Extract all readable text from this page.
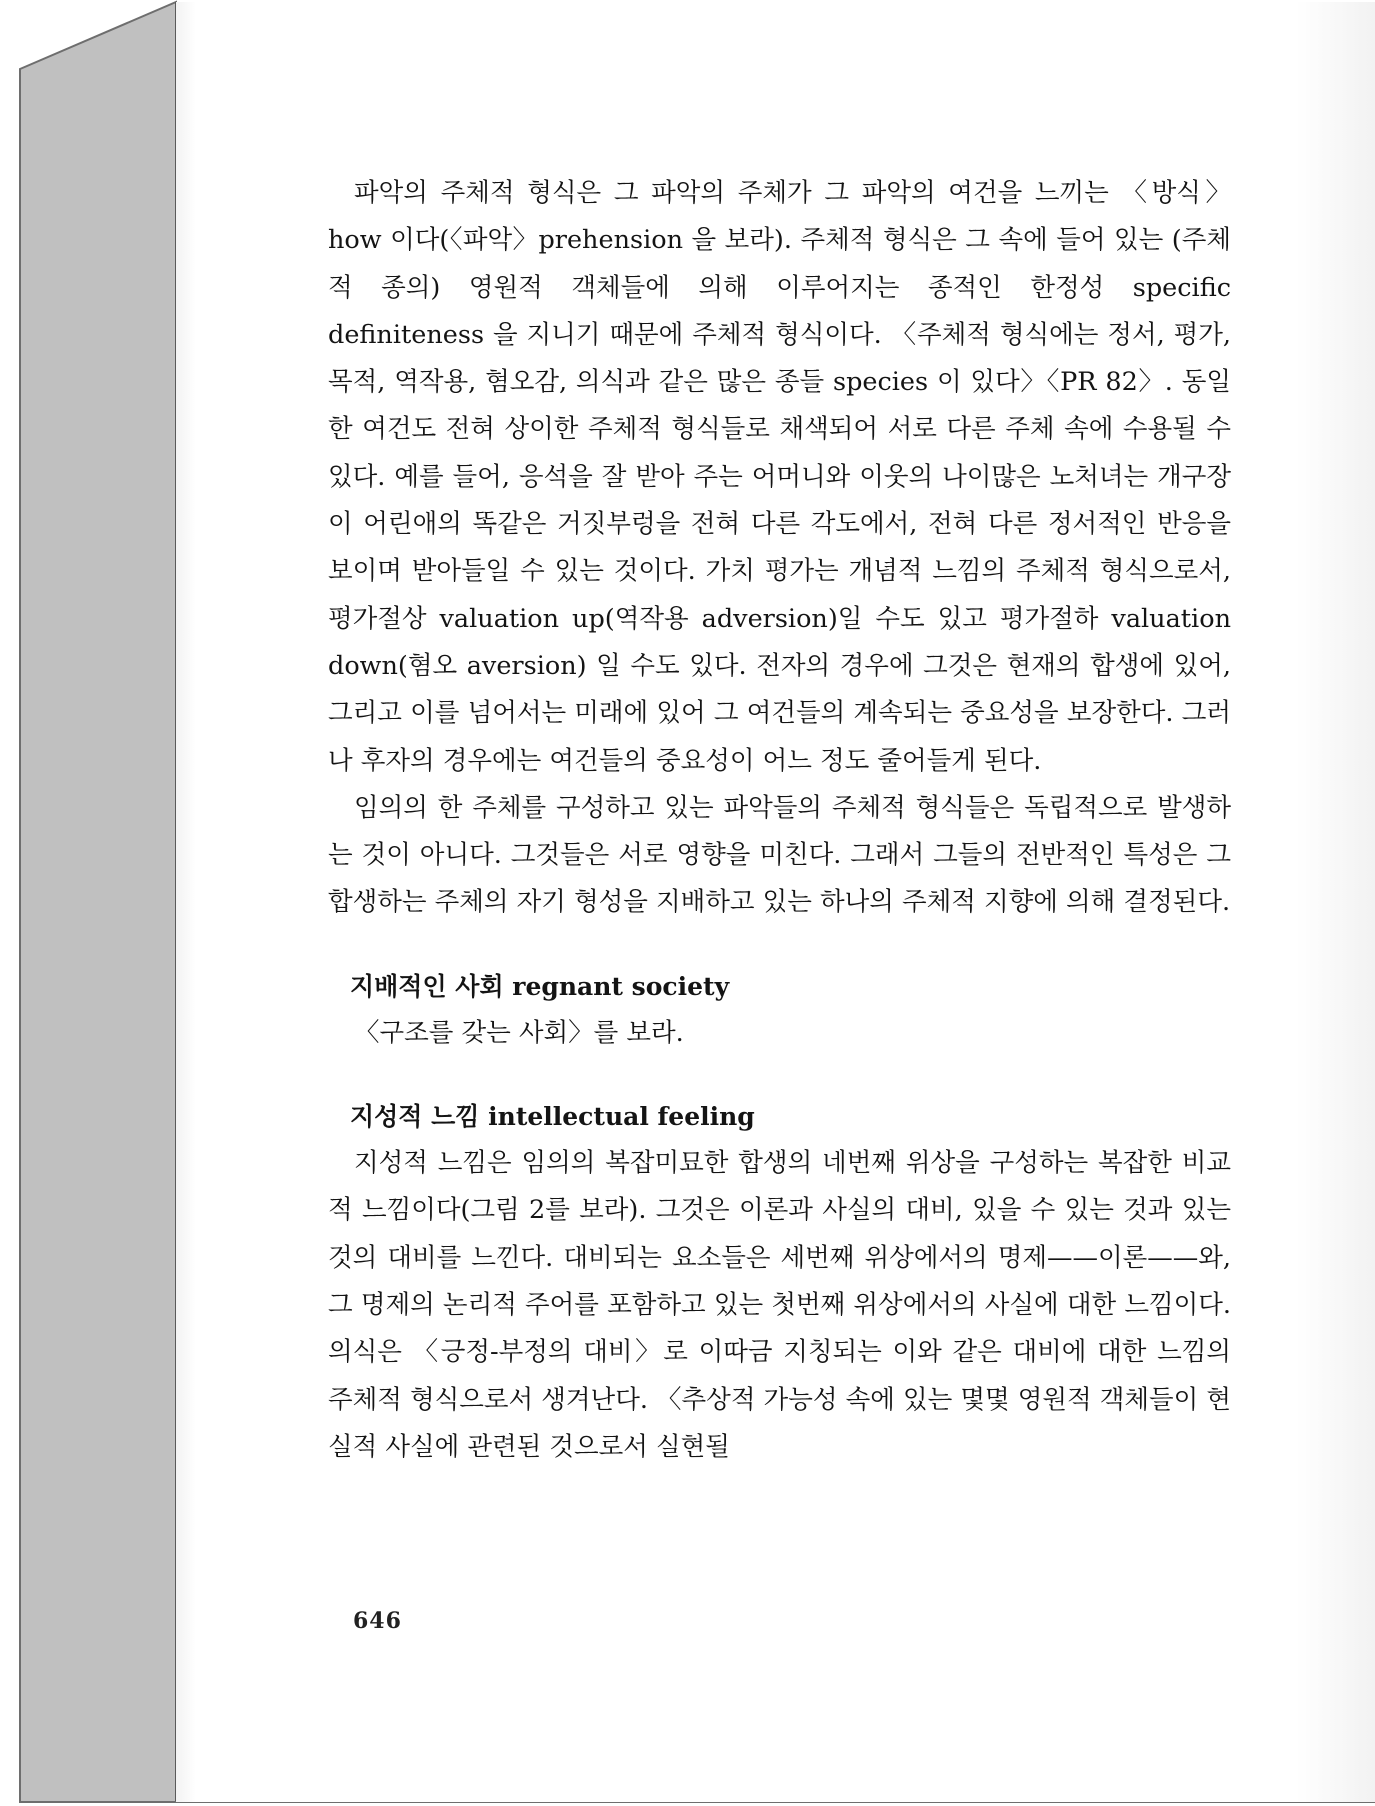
파악의 주체적 형식은 그 파악의 주체가 그 파악의 여건을 느끼는 〈방식〉 how 이다(〈파악〉prehension 을 보라). 주체적 형식은 그 속에 들어 있는 (주체적 종의) 영원적 객체들에 의해 이루어지는 종적인 한정성 specific definiteness 을 지니기 때문에 주체적 형식이다. 〈주체적 형식에는 정서, 평가, 목적, 역작용, 혐오감, 의식과 같은 많은 종들 species 이 있다〉〈PR 82〉. 동일한 여건도 전혀 상이한 주체적 형식들로 채색되어 서로 다른 주체 속에 수용될 수 있다. 예를 들어, 응석을 잘 받아 주는 어머니와 이웃의 나이많은 노처녀는 개구장이 어린애의 똑같은 거짓부렁을 전혀 다른 각도에서, 전혀 다른 정서적인 반응을 보이며 받아들일 수 있는 것이다. 가치 평가는 개념적 느낌의 주체적 형식으로서, 평가절상 valuation up(역작용 adversion)일 수도 있고 평가절하 valuation down(혐오 aversion) 일 수도 있다. 전자의 경우에 그것은 현재의 합생에 있어, 그리고 이를 넘어서는 미래에 있어 그 여건들의 계속되는 중요성을 보장한다. 그러나 후자의 경우에는 여건들의 중요성이 어느 정도 줄어들게 된다.

임의의 한 주체를 구성하고 있는 파악들의 주체적 형식들은 독립적으로 발생하는 것이 아니다. 그것들은 서로 영향을 미친다. 그래서 그들의 전반적인 특성은 그 합생하는 주체의 자기 형성을 지배하고 있는 하나의 주체적 지향에 의해 결정된다.

지배적인 사회 regnant society

〈구조를 갖는 사회〉를 보라.

지성적 느낌 intellectual feeling

지성적 느낌은 임의의 복잡미묘한 합생의 네번째 위상을 구성하는 복잡한 비교적 느낌이다(그림 2를 보라). 그것은 이론과 사실의 대비, 있을 수 있는 것과 있는 것의 대비를 느낀다. 대비되는 요소들은 세번째 위상에서의 명제——이론——와, 그 명제의 논리적 주어를 포함하고 있는 첫번째 위상에서의 사실에 대한 느낌이다. 의식은 〈긍정-부정의 대비〉로 이따금 지칭되는 이와 같은 대비에 대한 느낌의 주체적 형식으로서 생겨난다. 〈추상적 가능성 속에 있는 몇몇 영원적 객체들이 현실적 사실에 관련된 것으로서 실현될

646
